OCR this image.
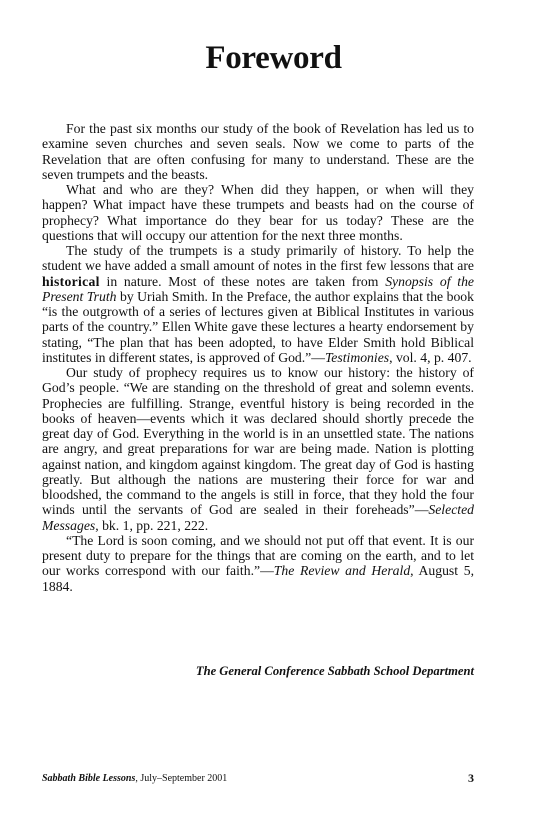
Foreword

For the past six months our study of the book of Revelation has led us to examine seven churches and seven seals. Now we come to parts of the Revelation that are often confusing for many to understand. These are the seven trumpets and the beasts.

What and who are they? When did they happen, or when will they happen? What impact have these trumpets and beasts had on the course of prophecy? What importance do they bear for us today? These are the questions that will occupy our attention for the next three months.

The study of the trumpets is a study primarily of history. To help the student we have added a small amount of notes in the first few lessons that are historical in nature. Most of these notes are taken from Synopsis of the Present Truth by Uriah Smith. In the Preface, the author explains that the book “is the outgrowth of a series of lectures given at Biblical Institutes in various parts of the country.” Ellen White gave these lectures a hearty endorsement by stating, “The plan that has been adopted, to have Elder Smith hold Biblical institutes in different states, is approved of God.”—Testimonies, vol. 4, p. 407.

Our study of prophecy requires us to know our history: the history of God’s people. “We are standing on the threshold of great and solemn events. Prophecies are fulfilling. Strange, eventful history is being recorded in the books of heaven—events which it was declared should shortly precede the great day of God. Everything in the world is in an unsettled state. The nations are angry, and great preparations for war are being made. Nation is plotting against nation, and kingdom against kingdom. The great day of God is hasting greatly. But although the nations are mustering their force for war and bloodshed, the command to the angels is still in force, that they hold the four winds until the servants of God are sealed in their foreheads”—Selected Messages, bk. 1, pp. 221, 222.

“The Lord is soon coming, and we should not put off that event. It is our present duty to prepare for the things that are coming on the earth, and to let our works correspond with our faith.”—The Review and Herald, August 5, 1884.

The General Conference Sabbath School Department
Sabbath Bible Lessons, July–September 2001	3
